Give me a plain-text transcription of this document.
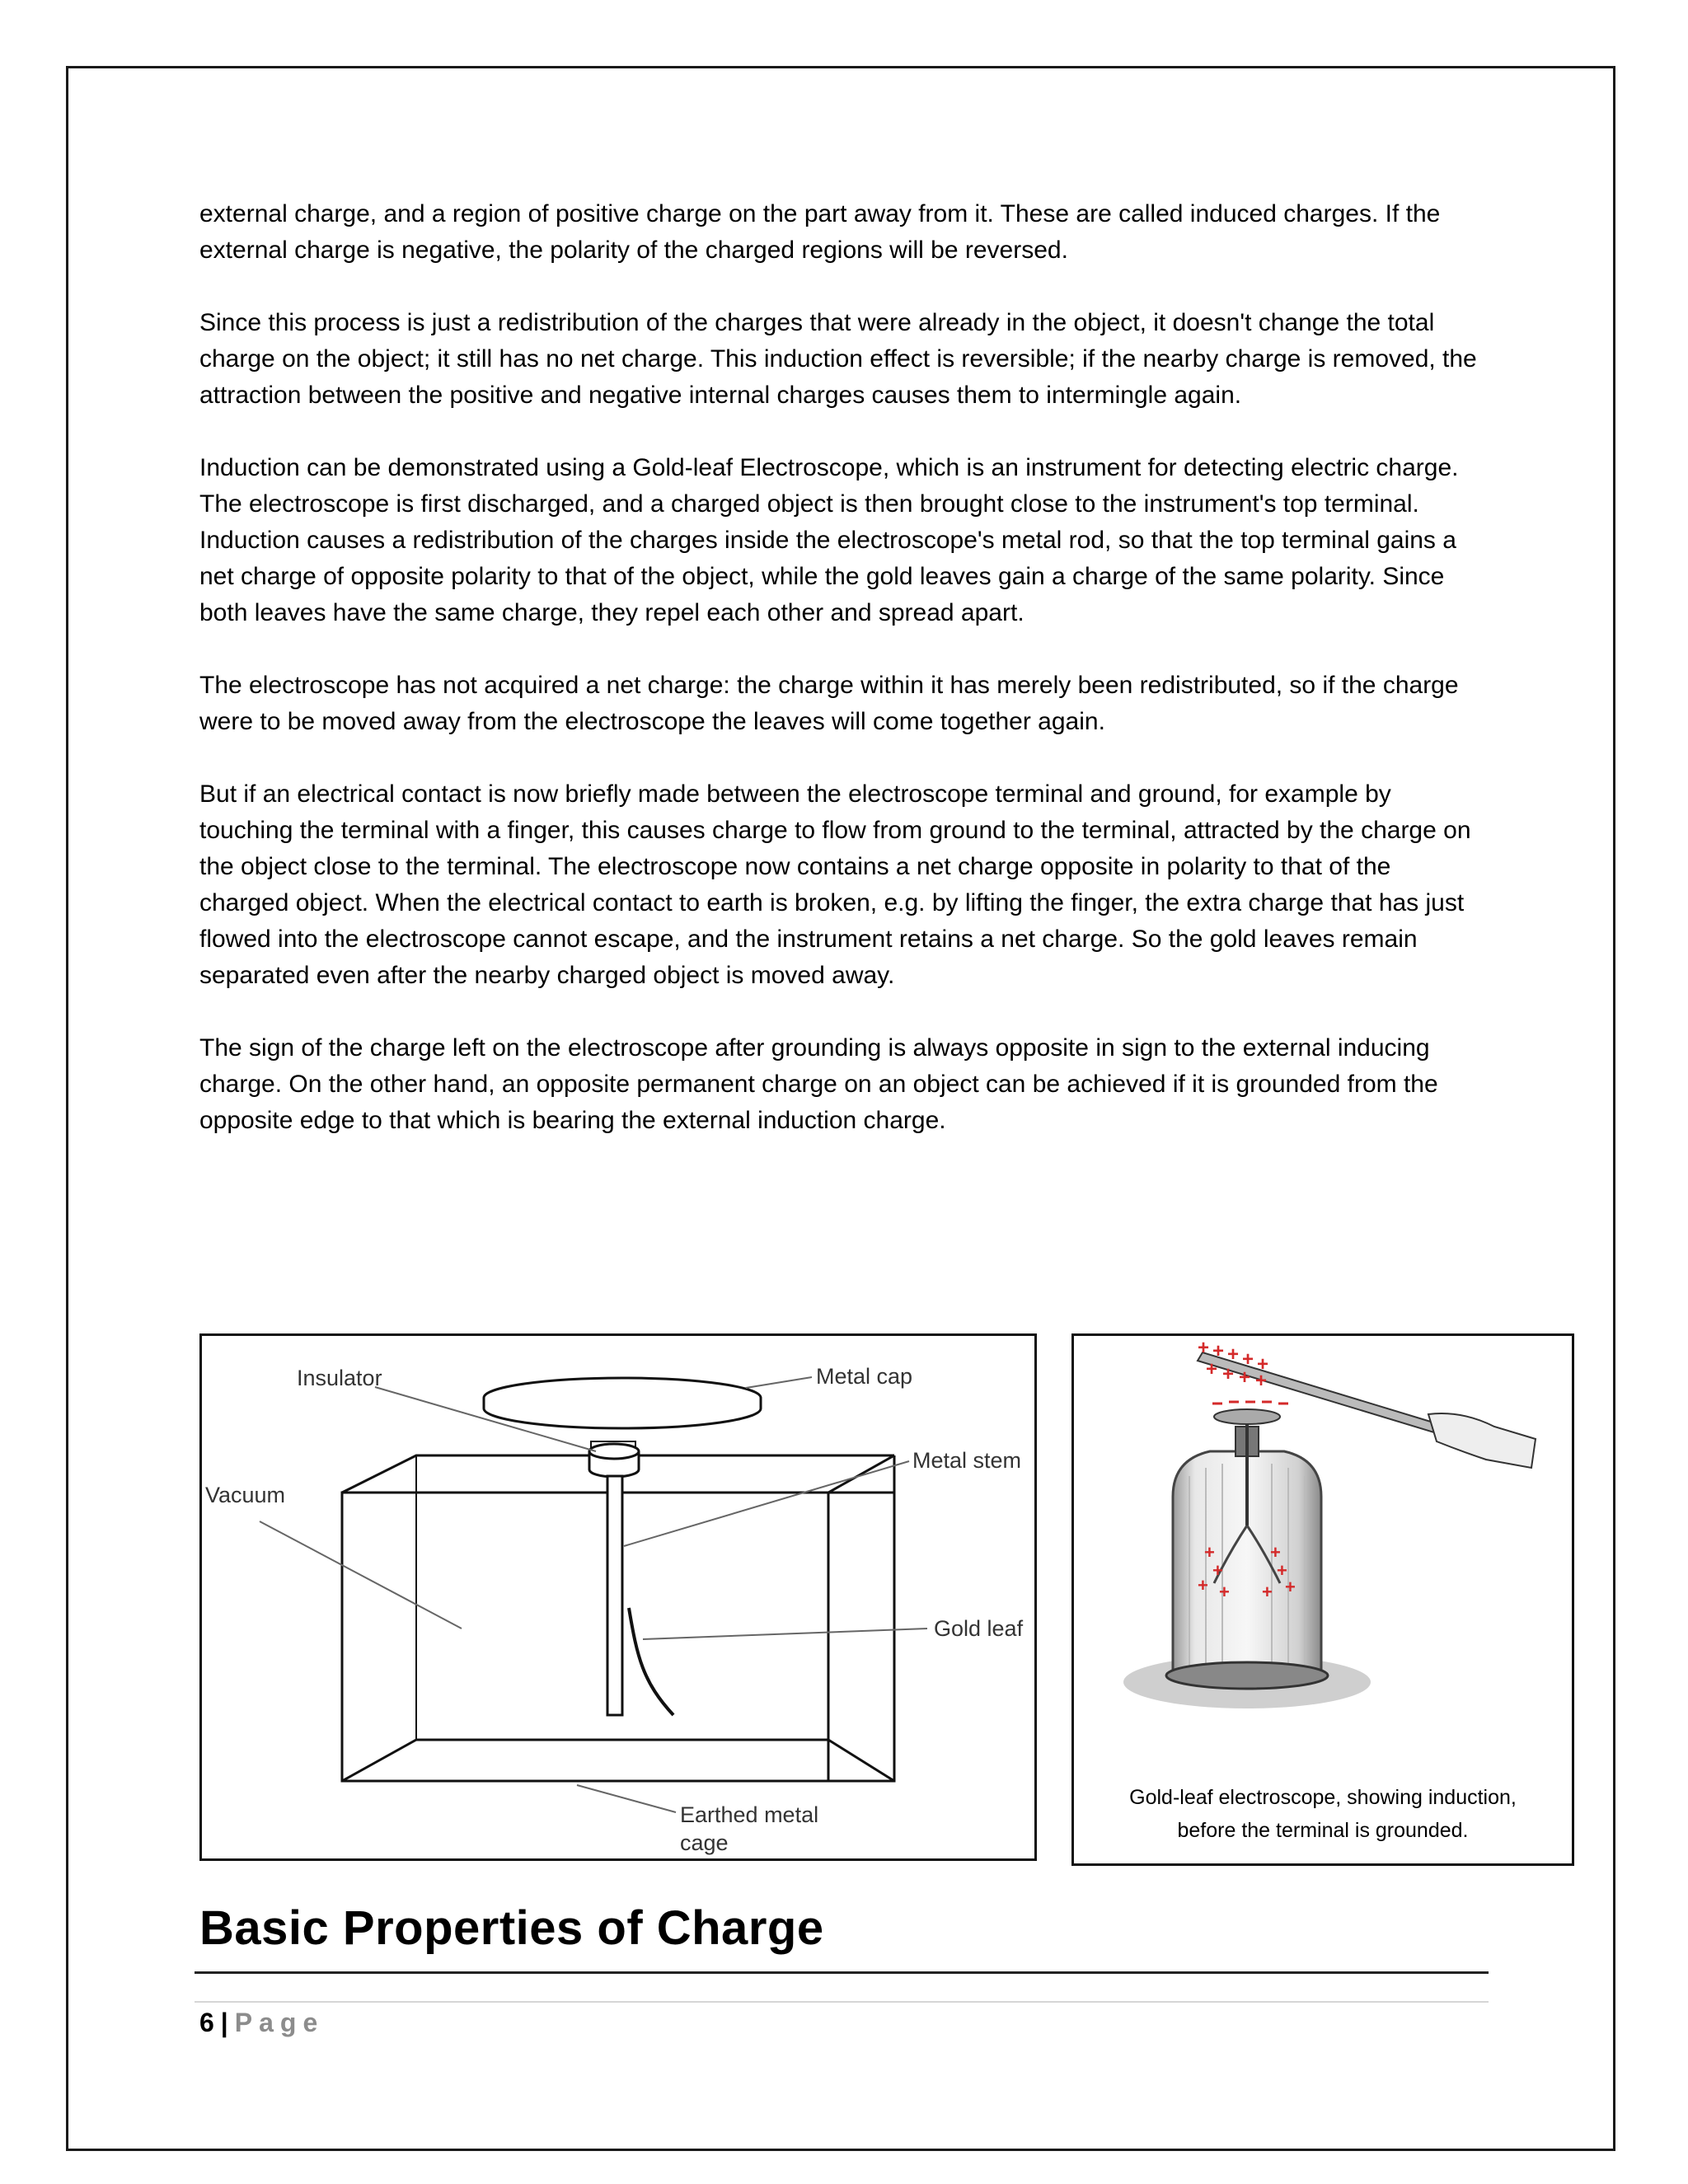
external charge, and a region of positive charge on the part away from it. These are called induced charges. If the external charge is negative, the polarity of the charged regions will be reversed.

Since this process is just a redistribution of the charges that were already in the object, it doesn't change the total charge on the object; it still has no net charge. This induction effect is reversible; if the nearby charge is removed, the attraction between the positive and negative internal charges causes them to intermingle again.

Induction can be demonstrated using a Gold-leaf Electroscope, which is an instrument for detecting electric charge. The electroscope is first discharged, and a charged object is then brought close to the instrument's top terminal. Induction causes a redistribution of the charges inside the electroscope's metal rod, so that the top terminal gains a net charge of opposite polarity to that of the object, while the gold leaves gain a charge of the same polarity. Since both leaves have the same charge, they repel each other and spread apart.

The electroscope has not acquired a net charge: the charge within it has merely been redistributed, so if the charge were to be moved away from the electroscope the leaves will come together again.

But if an electrical contact is now briefly made between the electroscope terminal and ground, for example by touching the terminal with a finger, this causes charge to flow from ground to the terminal, attracted by the charge on the object close to the terminal. The electroscope now contains a net charge opposite in polarity to that of the charged object. When the electrical contact to earth is broken, e.g. by lifting the finger, the extra charge that has just flowed into the electroscope cannot escape, and the instrument retains a net charge. So the gold leaves remain separated even after the nearby charged object is moved away.

The sign of the charge left on the electroscope after grounding is always opposite in sign to the external inducing charge. On the other hand, an opposite permanent charge on an object can be achieved if it is grounded from the opposite edge to that which is bearing the external induction charge.

Insulator	Metal cap
Metal stem
Vacuum
Gold leaf
Earthed metal
cage
+
+
+ +
+
+
+
+
+ + + + +
+ + + +
Gold-leaf electroscope, showing induction,
before the terminal is grounded.
Basic Properties of Charge
6 | Page
